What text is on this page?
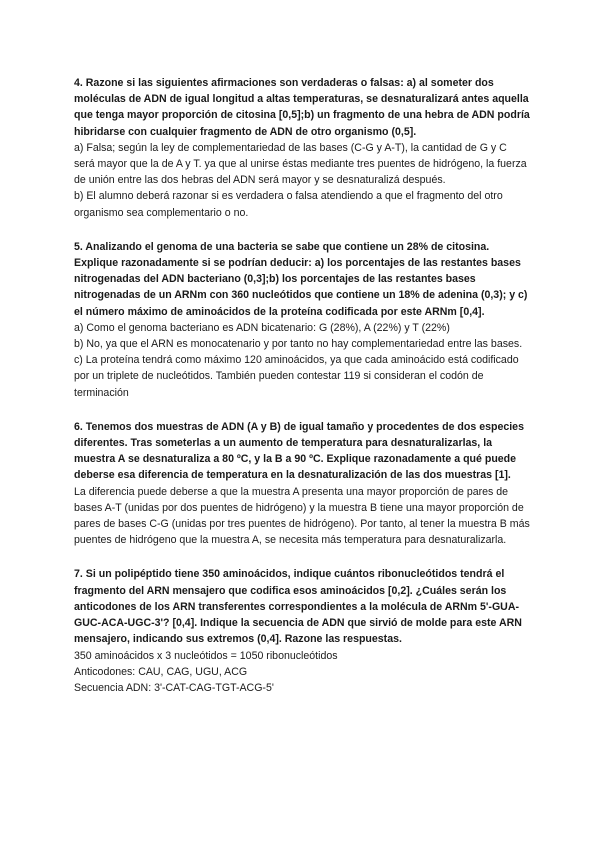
4. Razone si las siguientes afirmaciones son verdaderas o falsas: a) al someter dos moléculas de ADN de igual longitud a altas temperaturas, se desnaturalizará antes aquella que tenga mayor proporción de citosina [0,5];b) un fragmento de una hebra de ADN podría hibridarse con cualquier fragmento de ADN de otro organismo (0,5].

a) Falsa; según la ley de complementariedad de las bases (C-G y A-T), la cantidad de G y C será mayor que la de A y T. ya que al unirse éstas mediante tres puentes de hidrógeno, la fuerza de unión entre las dos hebras del ADN será mayor y se desnaturalizá después.

b) El alumno deberá razonar si es verdadera o falsa atendiendo a que el fragmento del otro organismo sea complementario o no.

5. Analizando el genoma de una bacteria se sabe que contiene un 28% de citosina. Explique razonadamente si se podrían deducir: a) los porcentajes de las restantes bases nitrogenadas del ADN bacteriano (0,3];b) los porcentajes de las restantes bases nitrogenadas de un ARNm con 360 nucleótidos que contiene un 18% de adenina (0,3); y c) el número máximo de aminoácidos de la proteína codificada por este ARNm [0,4].

a) Como el genoma bacteriano es ADN bicatenario: G (28%), A (22%) y T (22%)

b) No, ya que el ARN es monocatenario y por tanto no hay complementariedad entre las bases.

c) La proteína tendrá como máximo 120 aminoácidos, ya que cada aminoácido está codificado por un triplete de nucleótidos. También pueden contestar 119 si consideran el codón de terminación

6. Tenemos dos muestras de ADN (A y B) de igual tamaño y procedentes de dos especies diferentes. Tras someterlas a un aumento de temperatura para desnaturalizarlas, la muestra A se desnaturaliza a 80 ºC, y la B a 90 ºC. Explique razonadamente a qué puede deberse esa diferencia de temperatura en la desnaturalización de las dos muestras [1].

La diferencia puede deberse a que la muestra A presenta una mayor proporción de pares de bases A-T (unidas por dos puentes de hidrógeno) y la muestra B tiene una mayor proporción de pares de bases C-G (unidas por tres puentes de hidrógeno). Por tanto, al tener la muestra B más puentes de hidrógeno que la muestra A, se necesita más temperatura para desnaturalizarla.

7. Si un polipéptido tiene 350 aminoácidos, indique cuántos ribonucleótidos tendrá el fragmento del ARN mensajero que codifica esos aminoácidos [0,2]. ¿Cuáles serán los anticodones de los ARN transferentes correspondientes a la molécula de ARNm 5'-GUA-GUC-ACA-UGC-3'? [0,4]. Indique la secuencia de ADN que sirvió de molde para este ARN mensajero, indicando sus extremos (0,4]. Razone las respuestas.

350 aminoácidos x 3 nucleótidos = 1050 ribonucleótidos

Anticodones: CAU, CAG, UGU, ACG

Secuencia ADN: 3'-CAT-CAG-TGT-ACG-5'
